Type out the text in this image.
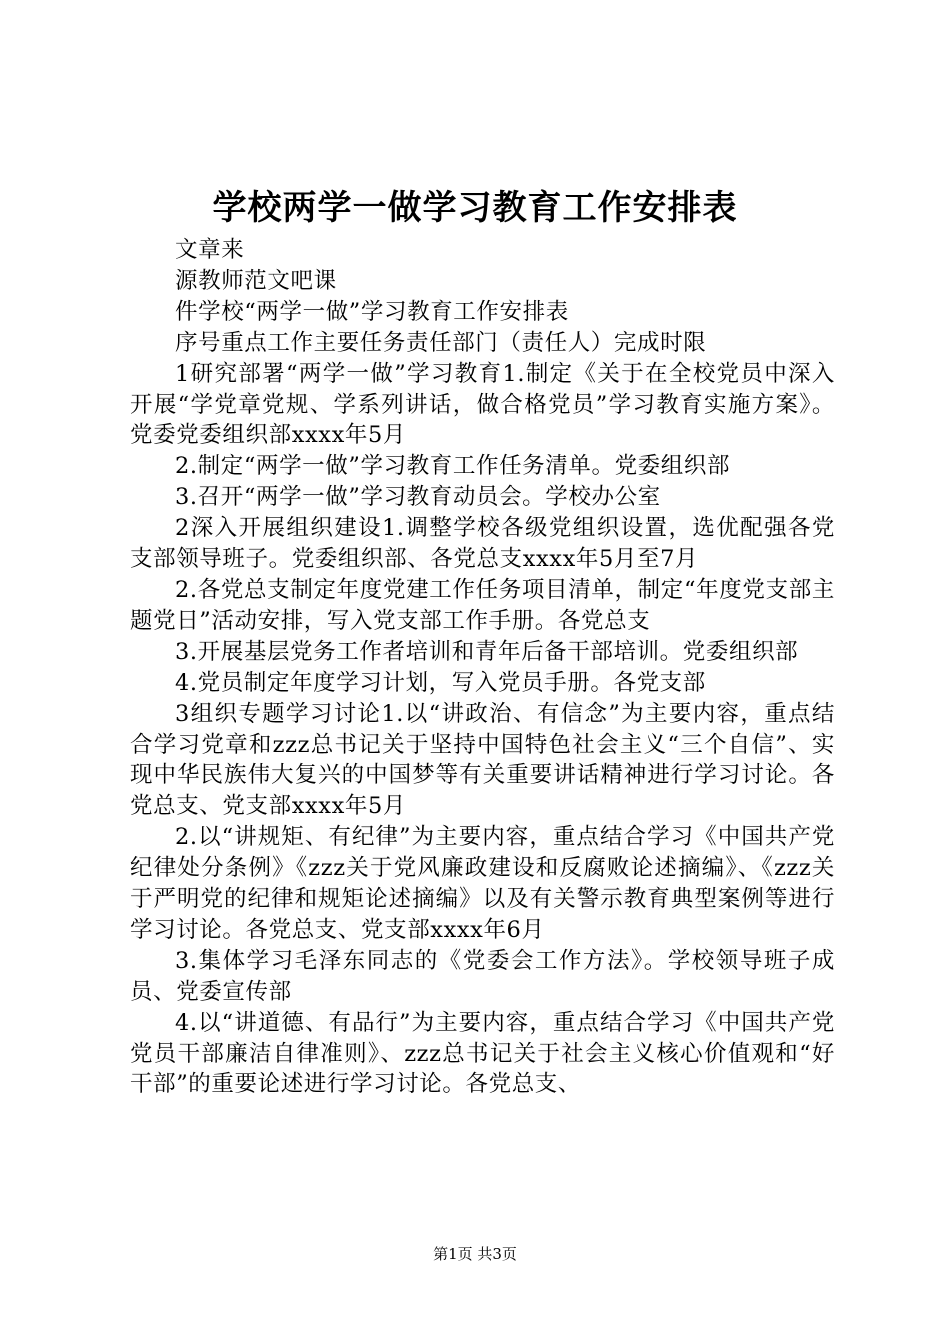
学校两学一做学习教育工作安排表

文章来

源教师范文吧课

件学校“两学一做”学习教育工作安排表

序号重点工作主要任务责任部门（责任人）完成时限

1研究部署“两学一做”学习教育1.制定《关于在全校党员中深入开展“学党章党规、学系列讲话，做合格党员”学习教育实施方案》。党委党委组织部xxxx年5月

2.制定“两学一做”学习教育工作任务清单。党委组织部

3.召开“两学一做”学习教育动员会。学校办公室

2深入开展组织建设1.调整学校各级党组织设置，选优配强各党支部领导班子。党委组织部、各党总支xxxx年5月至7月

2.各党总支制定年度党建工作任务项目清单，制定“年度党支部主题党日”活动安排，写入党支部工作手册。各党总支

3.开展基层党务工作者培训和青年后备干部培训。党委组织部

4.党员制定年度学习计划，写入党员手册。各党支部

3组织专题学习讨论1.以“讲政治、有信念”为主要内容，重点结合学习党章和zzz总书记关于坚持中国特色社会主义“三个自信”、实现中华民族伟大复兴的中国梦等有关重要讲话精神进行学习讨论。各党总支、党支部xxxx年5月

2.以“讲规矩、有纪律”为主要内容，重点结合学习《中国共产党纪律处分条例》《zzz关于党风廉政建设和反腐败论述摘编》、《zzz关于严明党的纪律和规矩论述摘编》以及有关警示教育典型案例等进行学习讨论。各党总支、党支部xxxx年6月

3.集体学习毛泽东同志的《党委会工作方法》。学校领导班子成员、党委宣传部

4.以“讲道德、有品行”为主要内容，重点结合学习《中国共产党党员干部廉洁自律准则》、zzz总书记关于社会主义核心价值观和“好干部”的重要论述进行学习讨论。各党总支、

第1页 共3页
